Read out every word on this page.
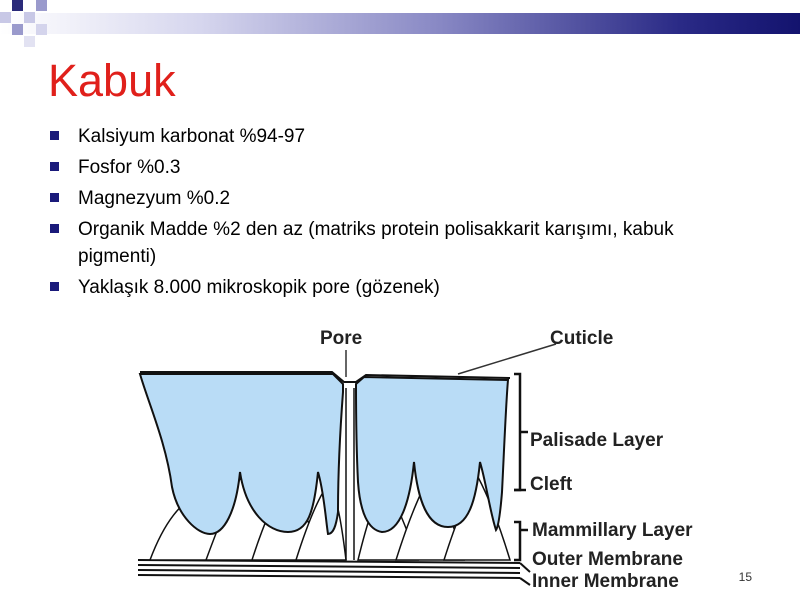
Kabuk
Kalsiyum karbonat %94-97
Fosfor %0.3
Magnezyum %0.2
Organik Madde %2 den az (matriks protein polisakkarit karışımı, kabuk pigmenti)
Yaklaşık 8.000 mikroskopik pore (gözenek)
Pore	Cuticle
Palisade Layer
Cleft
Mammillary Layer
Outer Membrane
Inner Membrane	15
